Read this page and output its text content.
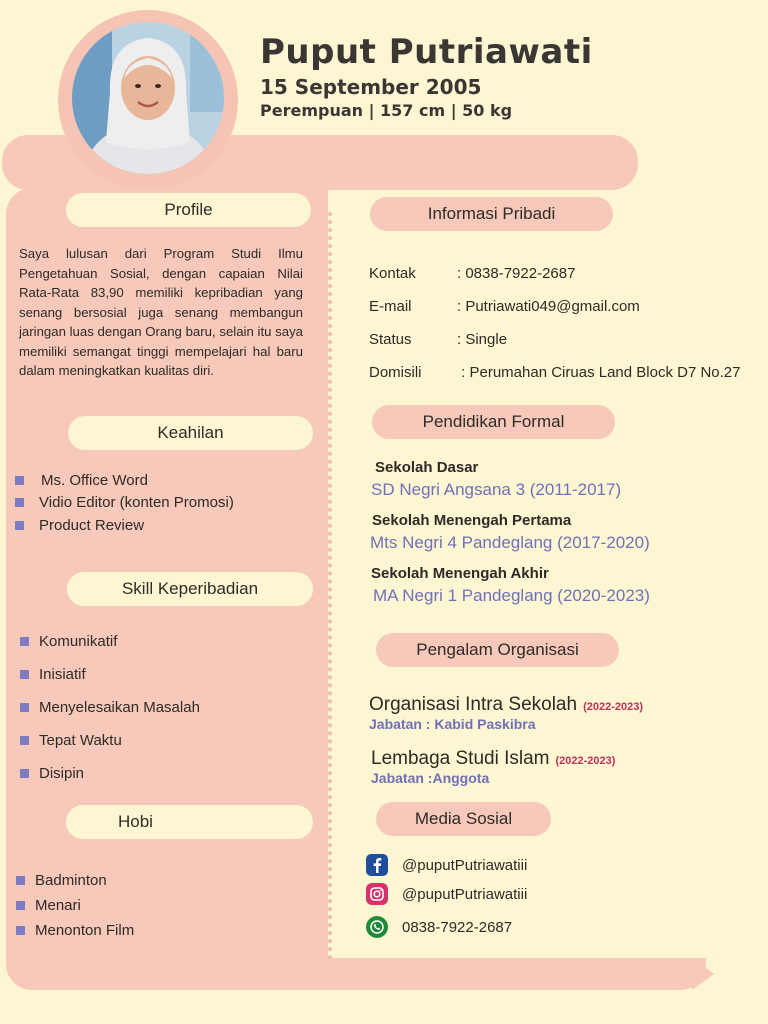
Puput Putriawati
15 September 2005
Perempuan | 157 cm | 50 kg
Profile
Saya lulusan dari Program Studi Ilmu Pengetahuan Sosial, dengan capaian Nilai Rata-Rata 83,90 memiliki kepribadian yang senang bersosial juga senang membangun jaringan luas dengan Orang baru, selain itu saya memiliki semangat tinggi mempelajari hal baru dalam meningkatkan kualitas diri.
Keahilan
Ms. Office Word
Vidio Editor (konten Promosi)
Product Review
Skill Keperibadian
Komunikatif
Inisiatif
Menyelesaikan Masalah
Tepat Waktu
Disipin
Hobi
Badminton
Menari
Menonton Film
Informasi Pribadi
Kontak	: 0838-7922-2687
E-mail	: Putriawati049@gmail.com
Status	: Single
Domisili	: Perumahan Ciruas Land Block D7 No.27
Pendidikan Formal
Sekolah Dasar
SD Negri Angsana 3 (2011-2017)
Sekolah Menengah Pertama
Mts Negri 4 Pandeglang (2017-2020)
Sekolah Menengah Akhir
MA Negri 1 Pandeglang (2020-2023)
Pengalam Organisasi
Organisasi Intra Sekolah (2022-2023)
Jabatan : Kabid Paskibra
Lembaga Studi Islam (2022-2023)
Jabatan :Anggota
Media Sosial
@puputPutriawatiii
@puputPutriawatiii
0838-7922-2687
